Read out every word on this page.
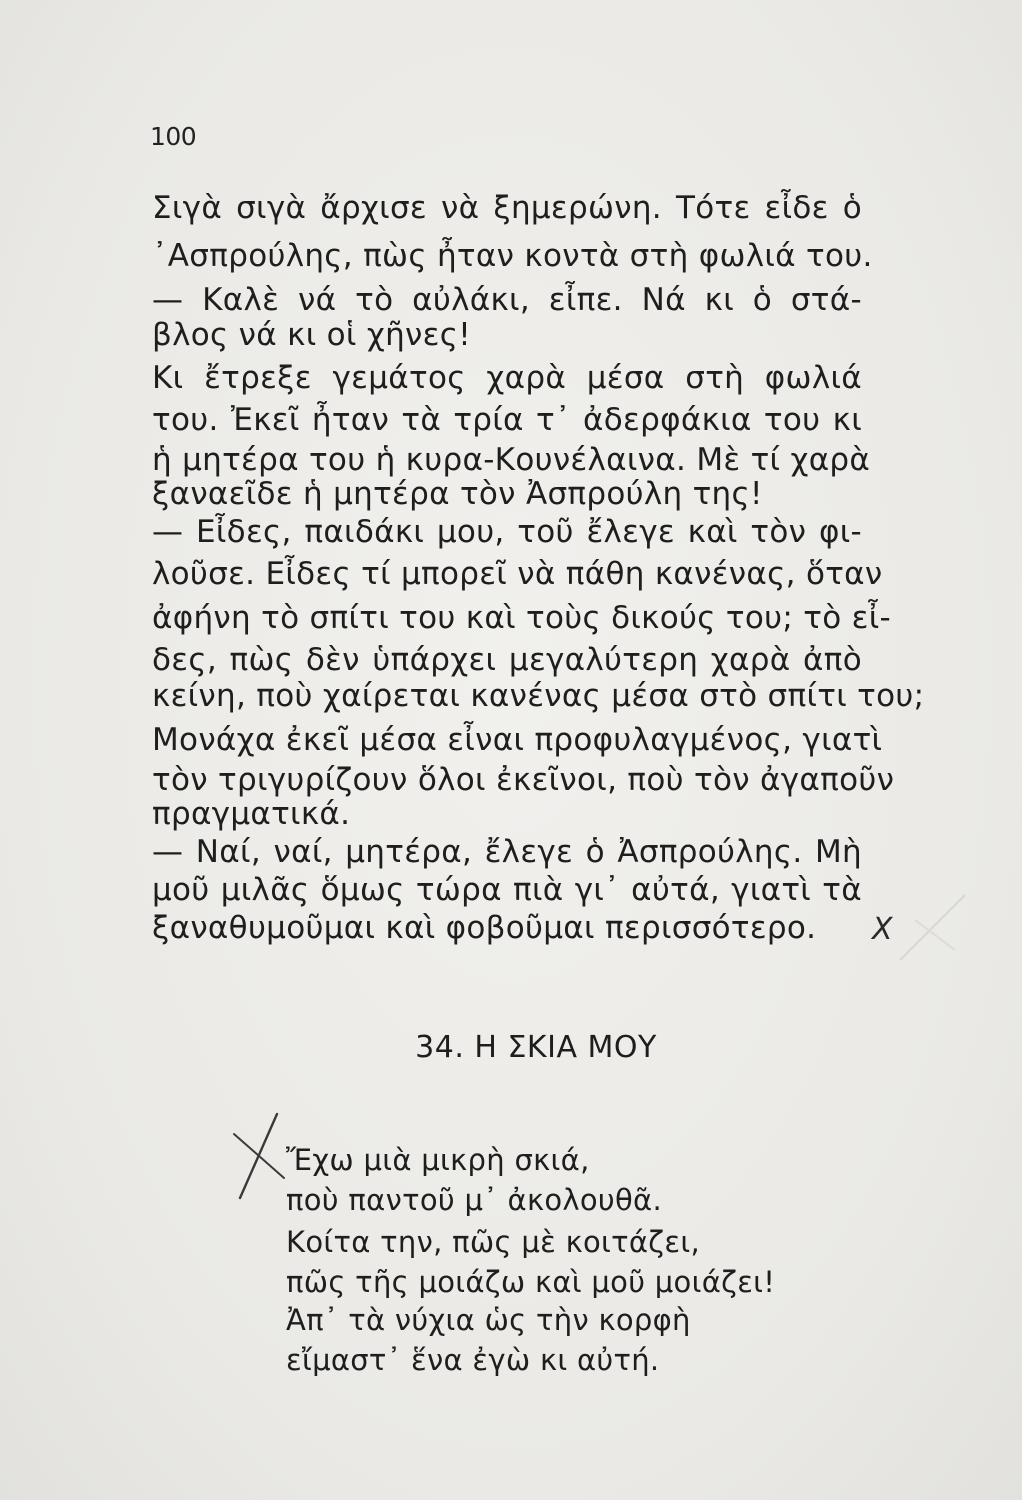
100
Σιγὰ σιγὰ ἄρχισε νὰ ξημερώνη. Τότε εἶδε ὁ
᾿Ασπρούλης, πὼς ἦταν κοντὰ στὴ φωλιά του.
— Καλὲ νά τὸ αὐλάκι, εἶπε. Νά κι ὁ στά-
βλος νά κι οἱ χῆνες!
Κι ἔτρεξε γεμάτος χαρὰ μέσα στὴ φωλιά
του. Ἐκεῖ ἦταν τὰ τρία τ᾿ ἀδερφάκια του κι
ἡ μητέρα του ἡ κυρα-Κουνέλαινα. Μὲ τί χαρὰ
ξαναεῖδε ἡ μητέρα τὸν Ἀσπρούλη της!
— Εἶδες, παιδάκι μου, τοῦ ἔλεγε καὶ τὸν φι-
λοῦσε. Εἶδες τί μπορεῖ νὰ πάθη κανένας, ὅταν
ἀφήνη τὸ σπίτι του καὶ τοὺς δικούς του; τὸ εἶ-
δες, πὼς δὲν ὑπάρχει μεγαλύτερη χαρὰ ἀπὸ
κείνη, ποὺ χαίρεται κανένας μέσα στὸ σπίτι του;
Μονάχα ἐκεῖ μέσα εἶναι προφυλαγμένος, γιατὶ
τὸν τριγυρίζουν ὅλοι ἐκεῖνοι, ποὺ τὸν ἀγαποῦν
πραγματικά.
— Ναί, ναί, μητέρα, ἔλεγε ὁ Ἀσπρούλης. Μὴ
μοῦ μιλᾶς ὅμως τώρα πιὰ γι᾿ αὐτά, γιατὶ τὰ
ξαναθυμοῦμαι καὶ φοβοῦμαι περισσότερο. X
34. Η ΣΚΙΑ ΜΟΥ
Ἔχω μιὰ μικρὴ σκιά,
ποὺ παντοῦ μ᾿ ἀκολουθᾶ.
Κοίτα την, πῶς μὲ κοιτάζει,
πῶς τῆς μοιάζω καὶ μοῦ μοιάζει!
Ἀπ᾿ τὰ νύχια ὡς τὴν κορφὴ
εἴμαστ᾿ ἕνα ἐγὼ κι αὐτή.
